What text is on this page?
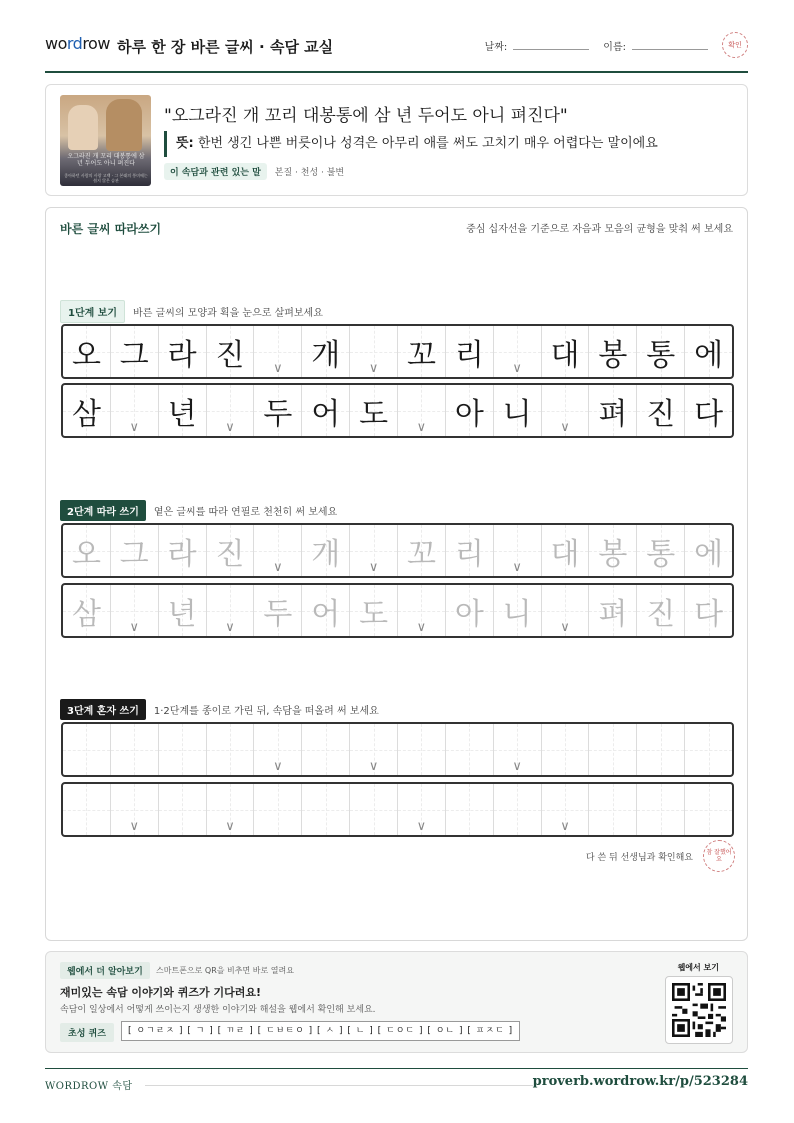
wordrow 하루 한 장 바른 글씨 · 속담 교실	날짜:	이름:	확인
오그라진 개 꼬리 대봉통에 삼 년 두어도 아니 펴진다
좋아하던 사람의 사랑 고백 · 그 본래의 풍미에는 쉽지 않은 습관
"오그라진 개 꼬리 대봉통에 삼 년 두어도 아니 펴진다"
뜻: 한번 생긴 나쁜 버릇이나 성격은 아무리 애를 써도 고치기 매우 어렵다는 말이에요
이 속담과 관련 있는 말	본질 · 천성 · 불변
바른 글씨 따라쓰기	중심 십자선을 기준으로 자음과 모음의 균형을 맞춰 써 보세요
1단계 보기	바른 글씨의 모양과 획을 눈으로 살펴보세요
오 그 라 진 ∨ 개 ∨ 꼬 리 ∨ 대 봉 통 에
삼 ∨ 년 ∨ 두 어 도 ∨ 아 니 ∨ 펴 진 다
2단계 따라 쓰기	옅은 글씨를 따라 연필로 천천히 써 보세요
오 그 라 진 ∨ 개 ∨ 꼬 리 ∨ 대 봉 통 에
삼 ∨ 년 ∨ 두 어 도 ∨ 아 니 ∨ 펴 진 다
3단계 혼자 쓰기	1·2단계를 종이로 가린 뒤, 속담을 떠올려 써 보세요
∨	∨	∨
∨	∨	∨	∨
다 쓴 뒤 선생님과 확인해요
참 잘했어요
웹에서 더 알아보기	스마트폰으로 QR을 비추면 바로 열려요
재미있는 속담 이야기와 퀴즈가 기다려요!
속담이 일상에서 어떻게 쓰이는지 생생한 이야기와 해설을 웹에서 확인해 보세요.
초성 퀴즈	[ ㅇㄱㄹㅈ ] [ ㄱ ] [ ㄲㄹ ] [ ㄷㅂㅌㅇ ] [ ㅅ ] [ ㄴ ] [ ㄷㅇㄷ ] [ ㅇㄴ ] [ ㅍㅈㄷ ]
웹에서 보기
WORDROW 속담	proverb.wordrow.kr/p/523284
